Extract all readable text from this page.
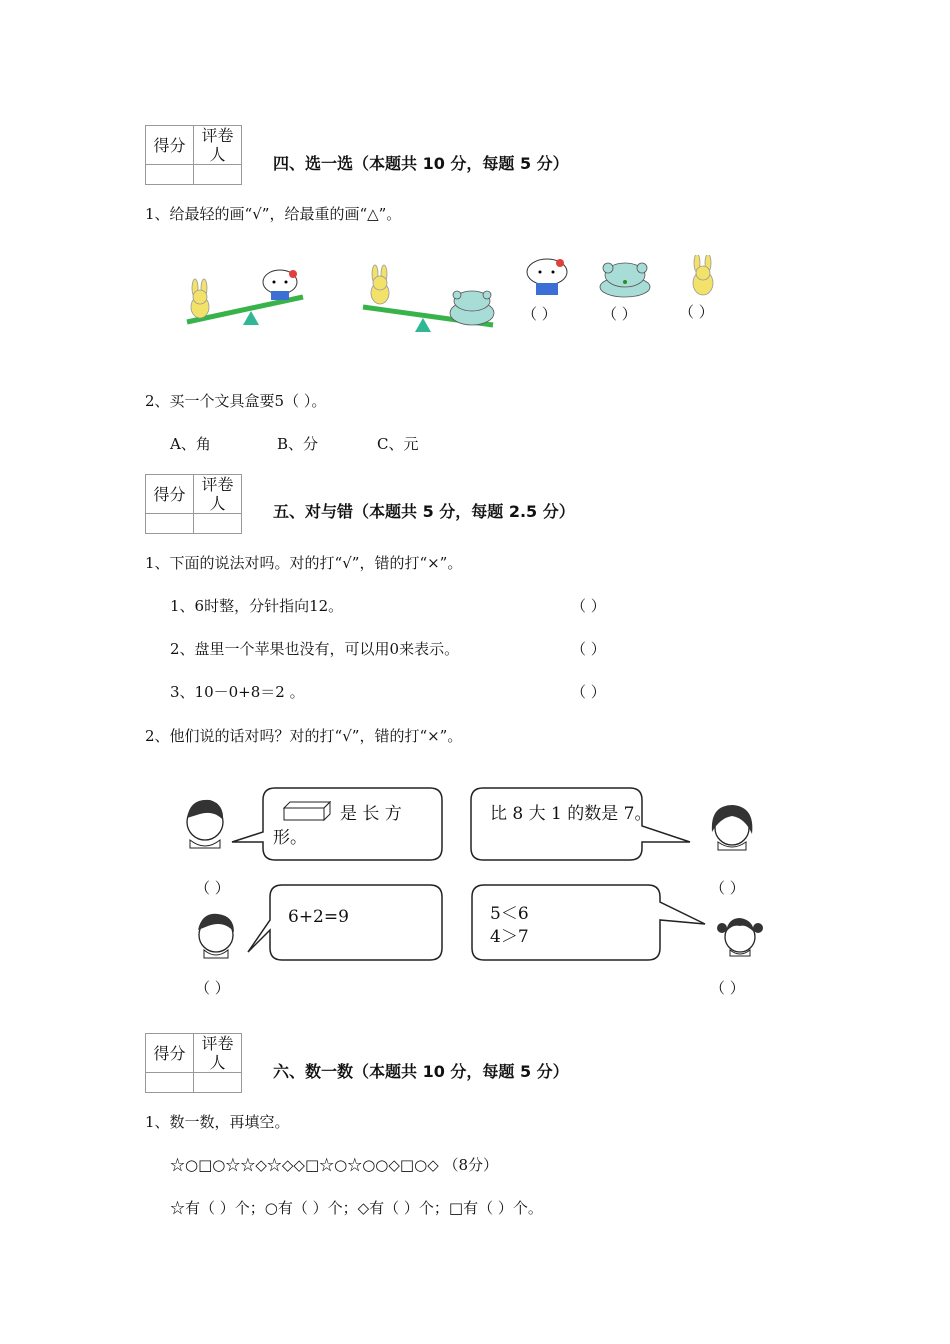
得分	评卷人
		四、选一选（本题共 10 分，每题 5 分）
1、给最轻的画“√”，给最重的画“△”。
（ ）	（ ）	（ ）
2、买一个文具盒要5（ ）。
A、角	B、分	C、元
得分	评卷人
		五、对与错（本题共 5 分，每题 2.5 分）
1、下面的说法对吗。对的打“√”，错的打“×”。
1、6时整，分针指向12。	（ ）
2、盘里一个苹果也没有，可以用0来表示。	（ ）
3、10－0+8＝2 。	（ ）
2、他们说的话对吗？对的打“√”，错的打“×”。
是 长 方
形。
比 8 大 1 的数是 7。
6+2=9	5＜6
4＞7
（ ）	（ ）
（ ）	（ ）
得分	评卷人
		六、数一数（本题共 10 分，每题 5 分）
1、数一数，再填空。
☆○□○☆☆◇☆◇◇□☆○☆○○◇□○◇ （8分）
☆有（ ）个；○有（ ）个；◇有（ ）个；□有（ ）个。
